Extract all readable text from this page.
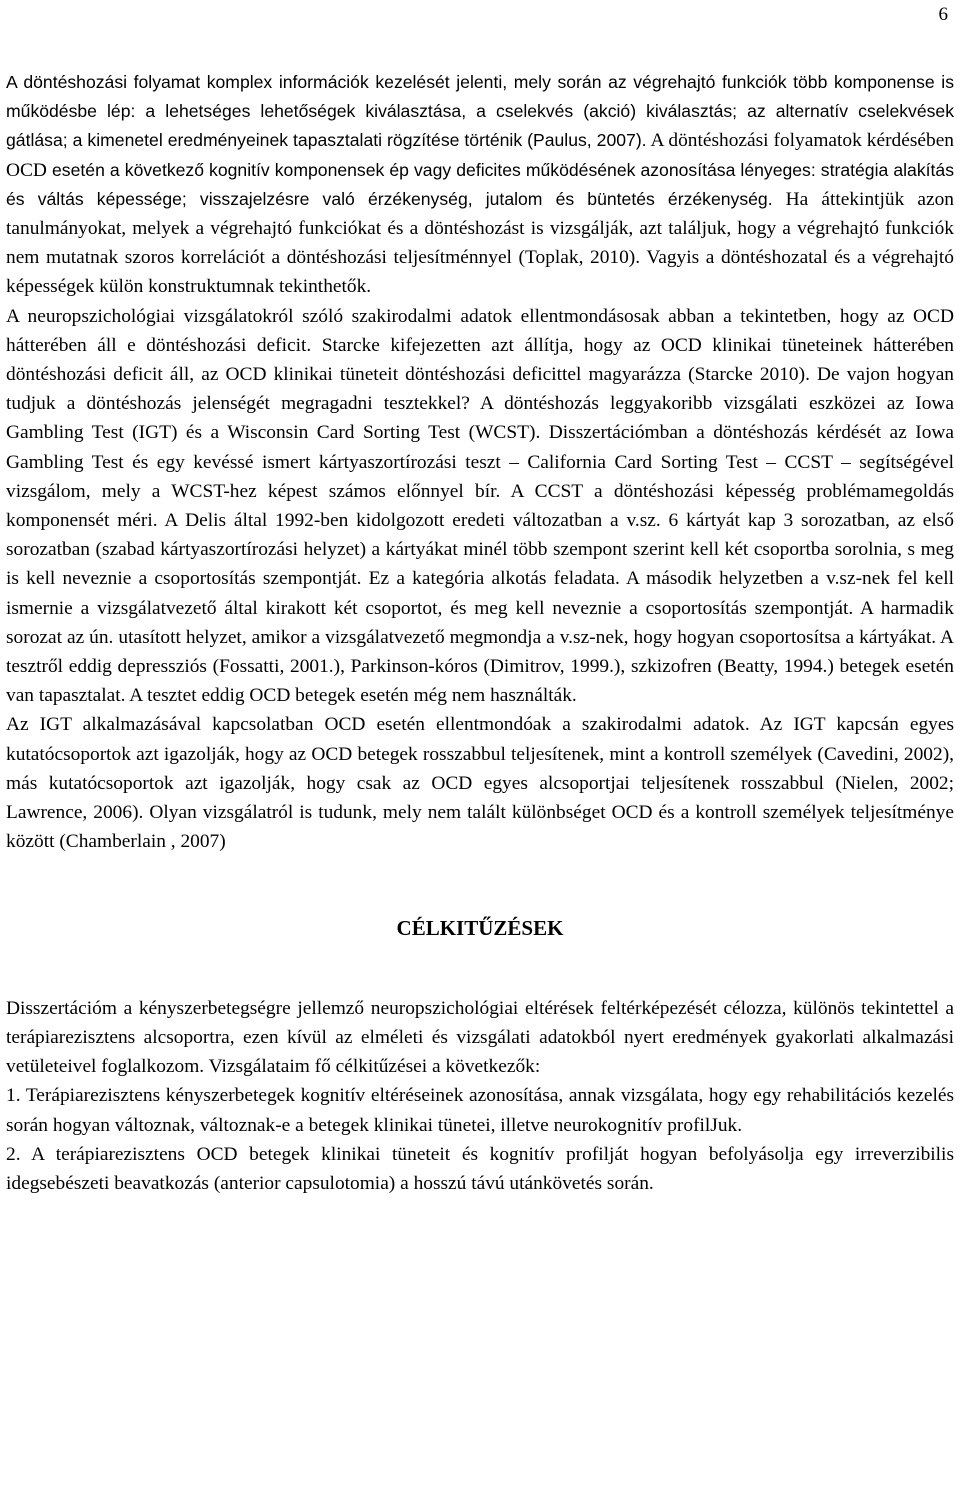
6

A döntéshozási folyamat komplex információk kezelését jelenti, mely során az végrehajtó funkciók több komponense is működésbe lép: a lehetséges lehetőségek kiválasztása, a cselekvés (akció) kiválasztás; az alternatív cselekvések gátlása; a kimenetel eredményeinek tapasztalati rögzítése történik (Paulus, 2007). A döntéshozási folyamatok kérdésében OCD esetén a következő kognitív komponensek ép vagy deficites működésének azonosítása lényeges: stratégia alakítás és váltás képessége; visszajelzésre való érzékenység, jutalom és büntetés érzékenység. Ha áttekintjük azon tanulmányokat, melyek a végrehajtó funkciókat és a döntéshozást is vizsgálják, azt találjuk, hogy a végrehajtó funkciók nem mutatnak szoros korrelációt a döntéshozási teljesítménnyel (Toplak, 2010). Vagyis a döntéshozatal és a végrehajtó képességek külön konstruktumnak tekinthetők.

A neuropszichológiai vizsgálatokról szóló szakirodalmi adatok ellentmondásosak abban a tekintetben, hogy az OCD hátterében áll e döntéshozási deficit. Starcke kifejezetten azt állítja, hogy az OCD klinikai tüneteinek hátterében döntéshozási deficit áll, az OCD klinikai tüneteit döntéshozási deficittel magyarázza (Starcke 2010). De vajon hogyan tudjuk a döntéshozás jelenségét megragadni tesztekkel? A döntéshozás leggyakoribb vizsgálati eszközei az Iowa Gambling Test (IGT) és a Wisconsin Card Sorting Test (WCST). Disszertációmban a döntéshozás kérdését az Iowa Gambling Test és egy kevéssé ismert kártyaszortírozási teszt – California Card Sorting Test – CCST – segítségével vizsgálom, mely a WCST-hez képest számos előnnyel bír. A CCST a döntéshozási képesség problémamegoldás komponensét méri. A Delis által 1992-ben kidolgozott eredeti változatban a v.sz. 6 kártyát kap 3 sorozatban, az első sorozatban (szabad kártyaszortírozási helyzet) a kártyákat minél több szempont szerint kell két csoportba sorolnia, s meg is kell neveznie a csoportosítás szempontját. Ez a kategória alkotás feladata. A második helyzetben a v.sz-nek fel kell ismernie a vizsgálatvezető által kirakott két csoportot, és meg kell neveznie a csoportosítás szempontját. A harmadik sorozat az ún. utasított helyzet, amikor a vizsgálatvezető megmondja a v.sz-nek, hogy hogyan csoportosítsa a kártyákat. A tesztről eddig depressziós (Fossatti, 2001.), Parkinson-kóros (Dimitrov, 1999.), szkizofren (Beatty, 1994.) betegek esetén van tapasztalat. A tesztet eddig OCD betegek esetén még nem használták.

Az IGT alkalmazásával kapcsolatban OCD esetén ellentmondóak a szakirodalmi adatok. Az IGT kapcsán egyes kutatócsoportok azt igazolják, hogy az OCD betegek rosszabbul teljesítenek, mint a kontroll személyek (Cavedini, 2002), más kutatócsoportok azt igazolják, hogy csak az OCD egyes alcsoportjai teljesítenek rosszabbul (Nielen, 2002; Lawrence, 2006). Olyan vizsgálatról is tudunk, mely nem talált különbséget OCD és a kontroll személyek teljesítménye között (Chamberlain , 2007)

CÉLKITŰZÉSEK

Disszertációm a kényszerbetegségre jellemző neuropszichológiai eltérések feltérképezését célozza, különös tekintettel a terápiarezisztens alcsoportra, ezen kívül az elméleti és vizsgálati adatokból nyert eredmények gyakorlati alkalmazási vetületeivel foglalkozom. Vizsgálataim fő célkitűzései a következők:

1. Terápiarezisztens kényszerbetegek kognitív eltéréseinek azonosítása, annak vizsgálata, hogy egy rehabilitációs kezelés során hogyan változnak, változnak-e a betegek klinikai tünetei, illetve neurokognitív profilJuk.

2. A terápiarezisztens OCD betegek klinikai tüneteit és kognitív profilját hogyan befolyásolja egy irreverzibilis idegsebészeti beavatkozás (anterior capsulotomia) a hosszú távú utánkövetés során.
